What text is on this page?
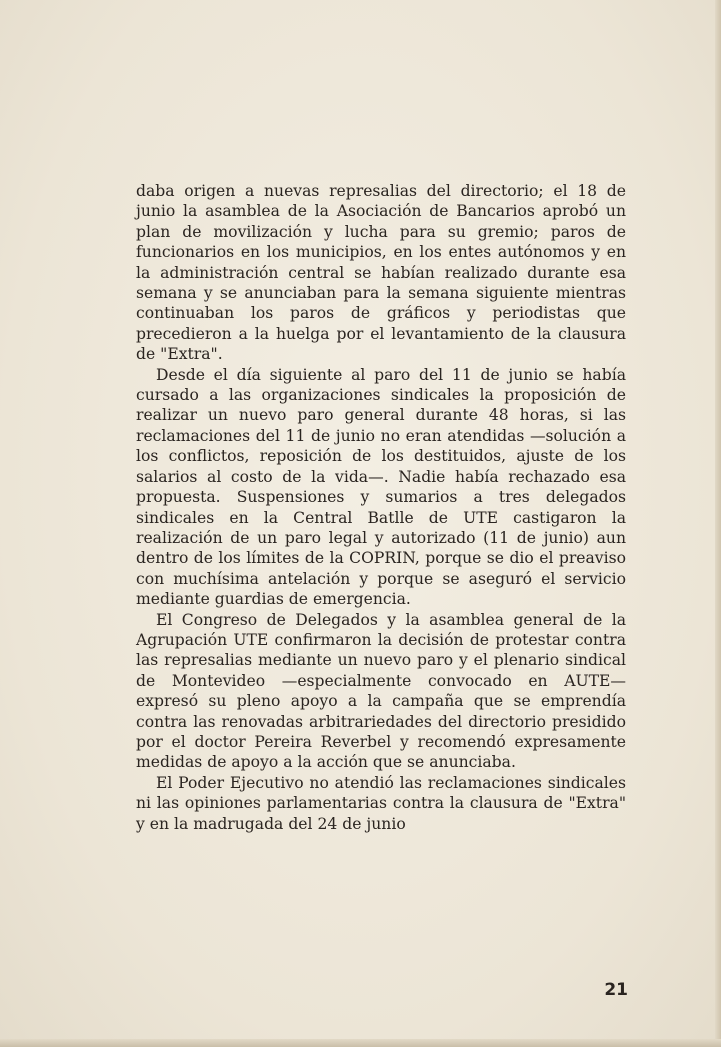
daba origen a nuevas represalias del directorio; el 18 de junio la asamblea de la Asociación de Bancarios aprobó un plan de movilización y lucha para su gremio; paros de funcionarios en los municipios, en los entes autónomos y en la administración central se habían realizado durante esa semana y se anunciaban para la semana siguiente mientras continuaban los paros de gráficos y periodistas que precedieron a la huelga por el levantamiento de la clausura de "Extra".

Desde el día siguiente al paro del 11 de junio se había cursado a las organizaciones sindicales la proposición de realizar un nuevo paro general durante 48 horas, si las reclamaciones del 11 de junio no eran atendidas —solución a los conflictos, reposición de los destituidos, ajuste de los salarios al costo de la vida—. Nadie había rechazado esa propuesta. Suspensiones y sumarios a tres delegados sindicales en la Central Batlle de UTE castigaron la realización de un paro legal y autorizado (11 de junio) aun dentro de los límites de la COPRIN, porque se dio el preaviso con muchísima antelación y porque se aseguró el servicio mediante guardias de emergencia.

El Congreso de Delegados y la asamblea general de la Agrupación UTE confirmaron la decisión de protestar contra las represalias mediante un nuevo paro y el plenario sindical de Montevideo —especialmente convocado en AUTE— expresó su pleno apoyo a la campaña que se emprendía contra las renovadas arbitrariedades del directorio presidido por el doctor Pereira Reverbel y recomendó expresamente medidas de apoyo a la acción que se anunciaba.

El Poder Ejecutivo no atendió las reclamaciones sindicales ni las opiniones parlamentarias contra la clausura de "Extra" y en la madrugada del 24 de junio

21
